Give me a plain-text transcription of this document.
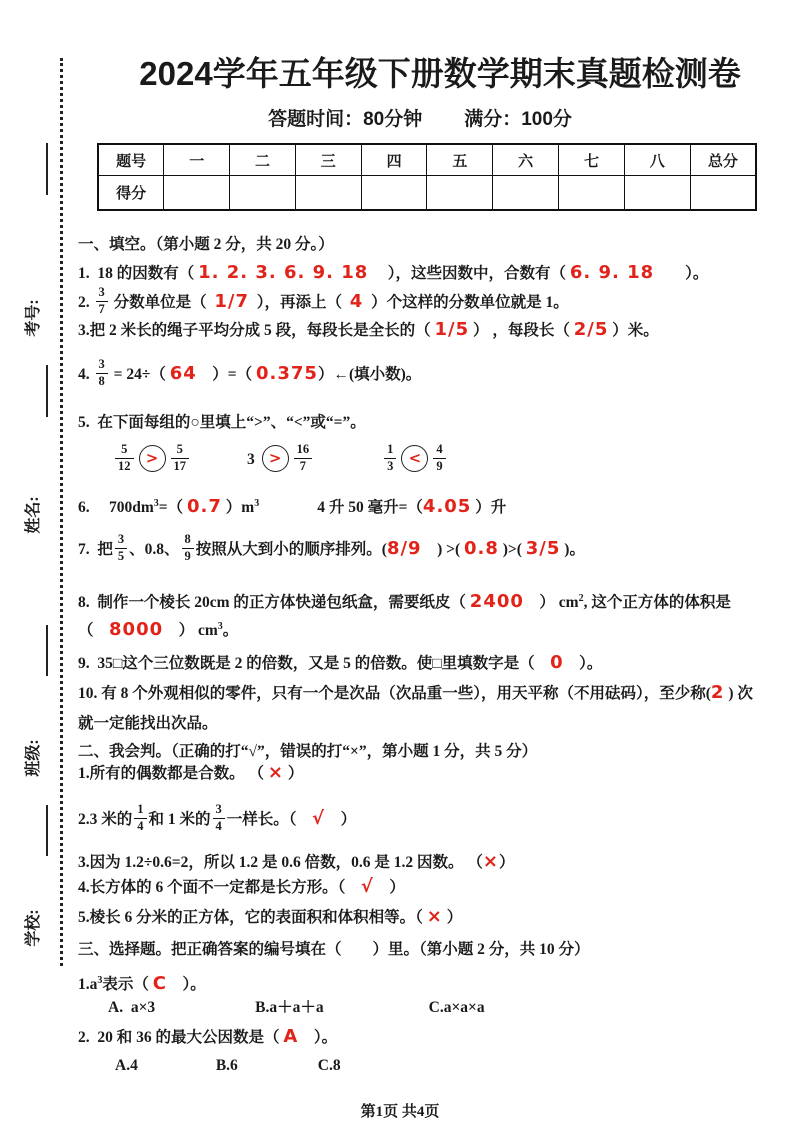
考号:
姓名:
班级:
学校:
2024学年五年级下册数学期末真题检测卷
答题时间：80分钟 满分：100分
题号	一	二	三	四	五	六	七	八	总分
得分									
一、填空。（第小题 2 分，共 20 分。）
1.  18 的因数有（ 1. 2. 3. 6. 9. 18　 ），这些因数中，合数有（ 6. 9. 18　　）。
2. $\frac{3}{7}$ 分数单位是（  1/7  ），再添上（  4  ）个这样的分数单位就是 1。
3.把 2 米长的绳子平均分成 5 段，每段长是全长的（ 1/5 ） ，每段长（ 2/5 ）米。
4. $\frac{3}{8} = 24\div$（ 64　）=（ 0.375）←(填小数)。
5.  在下面每组的○里填上“>”、“<”或“=”。
$\frac{5}{12} > \frac{5}{17}$	$3 > \frac{16}{7}$	$\frac{1}{3} < \frac{4}{9}$
6.　 $700dm^3=$（ 0.7 ）$m^3$	4 升 50 毫升=（4.05 ）升
7.  把 $\frac{3}{5}$ 、0.8、 $\frac{8}{9}$ 按照从大到小的顺序排列。(8/9　) >( 0.8 )>( 3/5 )。
8.  制作一个棱长 20cm 的正方体快递包纸盒，需要纸皮（ 2400　） $cm^2$, 这个正方体的体积是
（　8000　） $cm^3$。
9.  35□这个三位数既是 2 的倍数，又是 5 的倍数。使□里填数字是（　0　）。
10. 有 8 个外观相似的零件，只有一个是次品（次品重一些），用天平称（不用砝码），至少称(2 ) 次
就一定能找出次品。
二、我会判。（正确的打“√”，错误的打“×”，第小题 1 分，共 5 分）
1.所有的偶数都是合数。 （ × ）
2.3 米的 $\frac{1}{4}$ 和 1 米的 $\frac{3}{4}$ 一样长。（　√　）
3.因为 1.2÷0.6=2，所以 1.2 是 0.6 倍数，0.6 是 1.2 因数。 （×）
4.长方体的 6 个面不一定都是长方形。（　√　）
5.棱长 6 分米的正方体，它的表面积和体积相等。（ × ）
三、选择题。把正确答案的编号填在（　　）里。（第小题 2 分，共 10 分）
$1.a^3$表示（ C　）。
A.  a×3	B.a＋a＋a	C.a×a×a
2.  20 和 36 的最大公因数是（ A　）。
A.4	B.6	C.8
第1页 共4页
